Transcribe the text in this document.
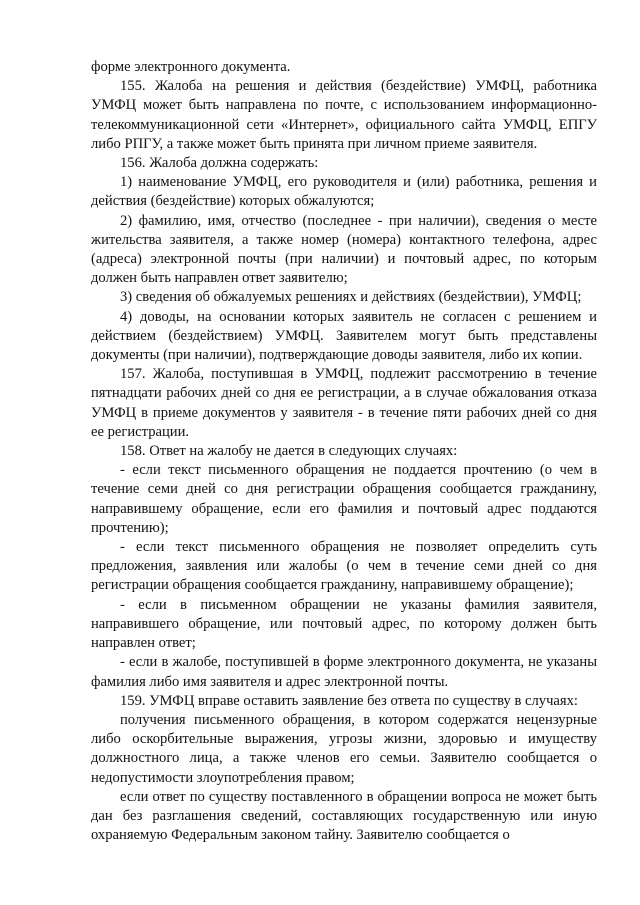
форме электронного документа.

155. Жалоба на решения и действия (бездействие) УМФЦ, работника УМФЦ может быть направлена по почте, с использованием информационно-телекоммуникационной сети «Интернет», официального сайта УМФЦ, ЕПГУ либо РПГУ, а также может быть принята при личном приеме заявителя.

156. Жалоба должна содержать:

1) наименование УМФЦ, его руководителя и (или) работника, решения и действия (бездействие) которых обжалуются;

2) фамилию, имя, отчество (последнее - при наличии), сведения о месте жительства заявителя, а также номер (номера) контактного телефона, адрес (адреса) электронной почты (при наличии) и почтовый адрес, по которым должен быть направлен ответ заявителю;

3) сведения об обжалуемых решениях и действиях (бездействии), УМФЦ;

4) доводы, на основании которых заявитель не согласен с решением и действием (бездействием) УМФЦ. Заявителем могут быть представлены документы (при наличии), подтверждающие доводы заявителя, либо их копии.

157. Жалоба, поступившая в УМФЦ, подлежит рассмотрению в течение пятнадцати рабочих дней со дня ее регистрации, а в случае обжалования отказа УМФЦ в приеме документов у заявителя - в течение пяти рабочих дней со дня ее регистрации.

158. Ответ на жалобу не дается в следующих случаях:

- если текст письменного обращения не поддается прочтению (о чем в течение семи дней со дня регистрации обращения сообщается гражданину, направившему обращение, если его фамилия и почтовый адрес поддаются прочтению);

- если текст письменного обращения не позволяет определить суть предложения, заявления или жалобы (о чем в течение семи дней со дня регистрации обращения сообщается гражданину, направившему обращение);

- если в письменном обращении не указаны фамилия заявителя, направившего обращение, или почтовый адрес, по которому должен быть направлен ответ;

- если в жалобе, поступившей в форме электронного документа, не указаны фамилия либо имя заявителя и адрес электронной почты.

159. УМФЦ вправе оставить заявление без ответа по существу в случаях:

получения письменного обращения, в котором содержатся нецензурные либо оскорбительные выражения, угрозы жизни, здоровью и имуществу должностного лица, а также членов его семьи. Заявителю сообщается о недопустимости злоупотребления правом;

если ответ по существу поставленного в обращении вопроса не может быть дан без разглашения сведений, составляющих государственную или иную охраняемую Федеральным законом тайну. Заявителю сообщается о
